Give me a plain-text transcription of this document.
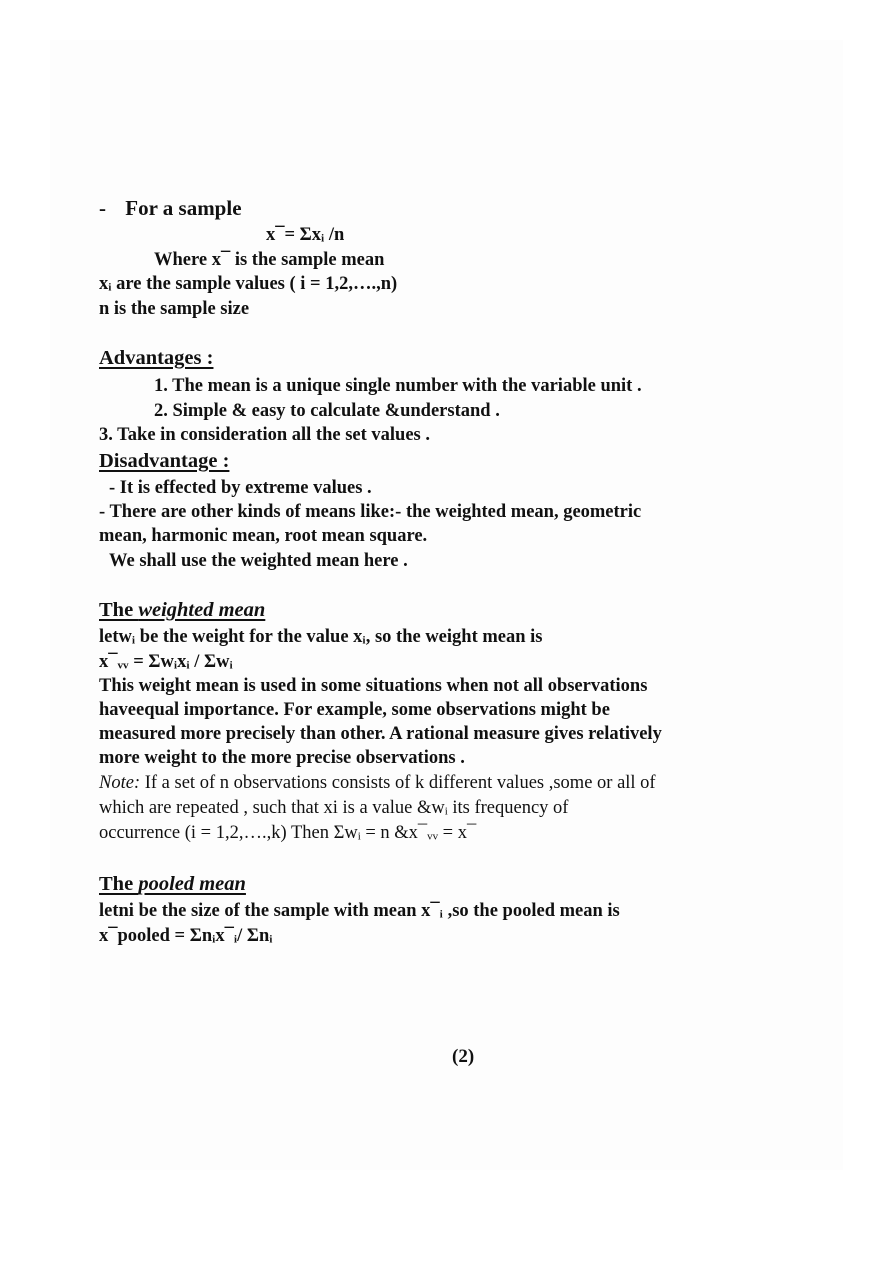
- For a sample
x¯= Σxᵢ /n
Where x¯ is the sample mean
xᵢ are the sample values ( i = 1,2,….,n)
n is the sample size
Advantages :
1. The mean is a unique single number with the variable unit .
2. Simple & easy to calculate &understand .
3. Take in consideration all the set values .
Disadvantage :
- It is effected by extreme values .
- There are other kinds of means like:- the weighted mean, geometric
mean, harmonic mean, root mean square.
We shall use the weighted mean here .
The weighted mean
letwᵢ be the weight for the value xᵢ, so the weight mean is
x¯ᵥᵥ = Σwᵢxᵢ / Σwᵢ
This weight mean is used in some situations when not all observations
haveequal importance. For example, some observations might be
measured more precisely than other. A rational measure gives relatively
more weight to the more precise observations .
Note: If a set of n observations consists of k different values ,some or all of
which are repeated , such that xi is a value &wᵢ its frequency of
occurrence (i = 1,2,….,k) Then Σwᵢ = n &x¯ᵥᵥ = x¯
The pooled mean
letni be the size of the sample with mean x¯ᵢ ,so the pooled mean is
x¯pooled = Σnᵢx¯ᵢ/ Σnᵢ
(2)
